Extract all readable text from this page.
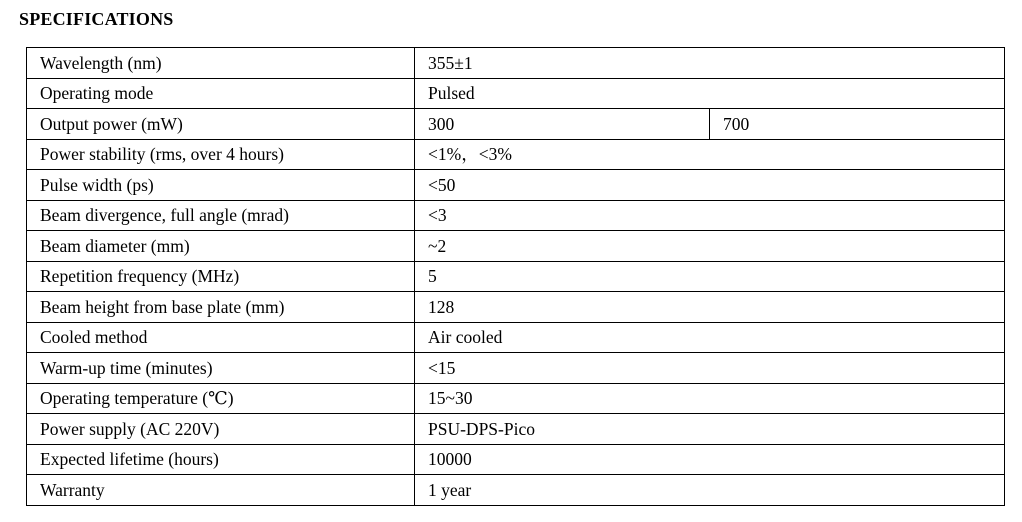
SPECIFICATIONS
Wavelength (nm)	355±1	
Operating mode	Pulsed	
Output power (mW)	300	700
Power stability (rms, over 4 hours)	<1%，<3%	
Pulse width (ps)	<50	
Beam divergence, full angle (mrad)	<3	
Beam diameter (mm)	~2	
Repetition frequency (MHz)	5	
Beam height from base plate (mm)	128	
Cooled method	Air cooled	
Warm-up time (minutes)	<15	
Operating temperature (℃)	15~30	
Power supply (AC 220V)	PSU-DPS-Pico	
Expected lifetime (hours)	10000	
Warranty	1 year	
